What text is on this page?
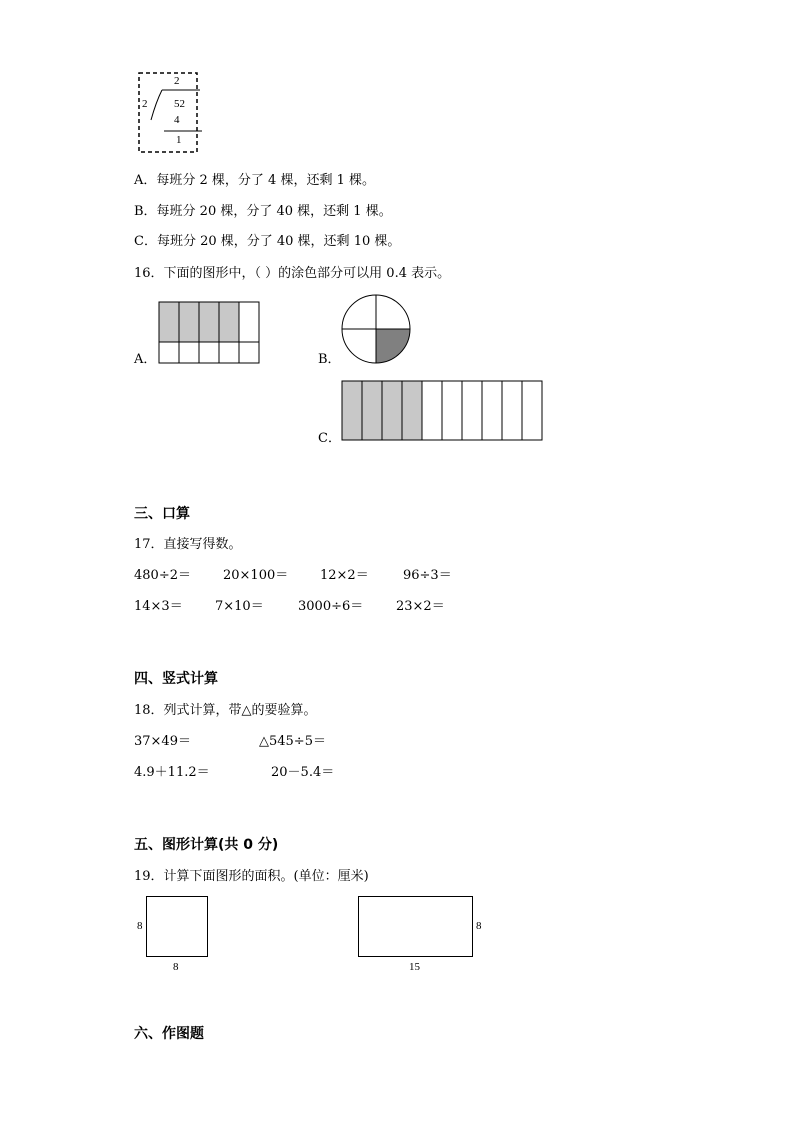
2
2 52
4
1
A．每班分 2 棵，分了 4 棵，还剩 1 棵。
B．每班分 20 棵，分了 40 棵，还剩 1 棵。
C．每班分 20 棵，分了 40 棵，还剩 10 棵。
16．下面的图形中，（ ）的涂色部分可以用 0.4 表示。
A．	B．
C．
三、口算
17．直接写得数。
480÷2＝ 20×100＝ 12×2＝	96÷3＝
14×3＝ 7×10＝	3000÷6＝	23×2＝
四、竖式计算
18．列式计算，带△的要验算。
37×49＝	△545÷5＝
4.9＋11.2＝	20－5.4＝
五、图形计算(共 0 分)
19．计算下面图形的面积。(单位：厘米)
8
8
8
15
六、作图题
